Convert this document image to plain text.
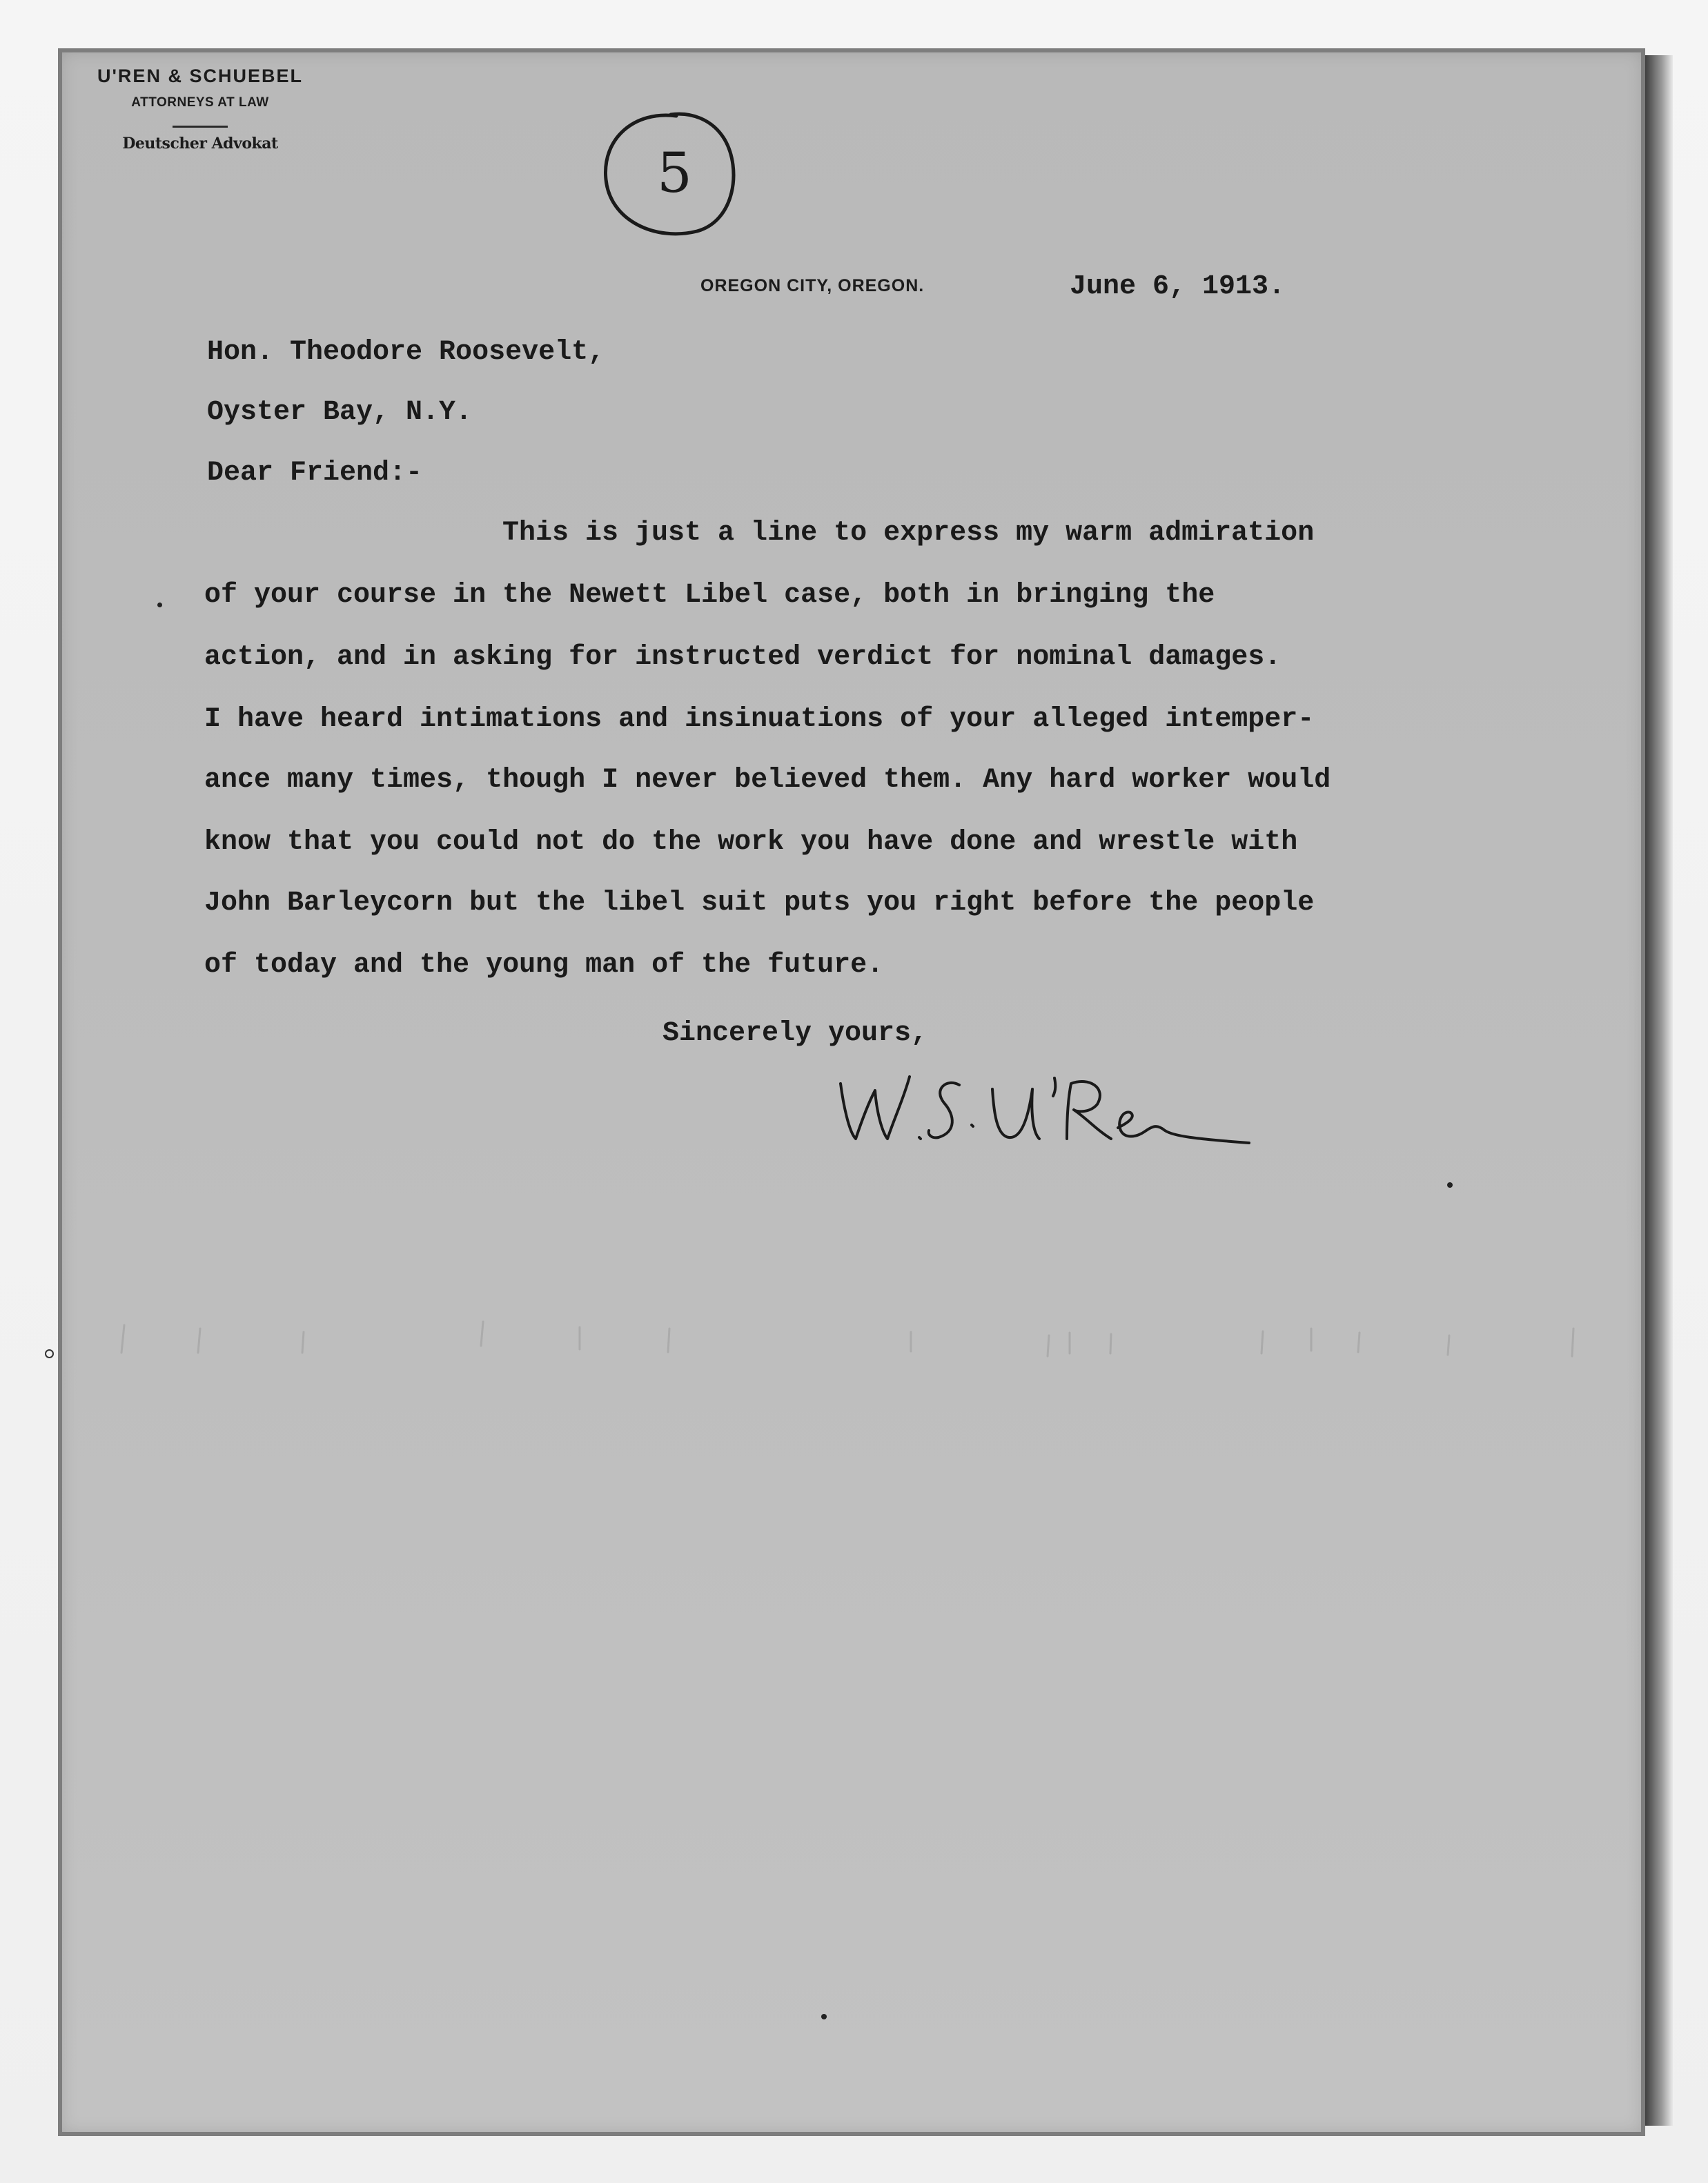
U'REN & SCHUEBEL
ATTORNEYS AT LAW
Deutscher Advokat	5
OREGON CITY, OREGON.	June 6, 1913.
Hon. Theodore Roosevelt,
Oyster Bay, N.Y.
Dear Friend:-
This is just a line to express my warm admiration
of your course in the Newett Libel case, both in bringing the
action, and in asking for instructed verdict for nominal damages.
I have heard intimations and insinuations of your alleged intemper-
ance many times, though I never believed them. Any hard worker would
know that you could not do the work you have done and wrestle with
John Barleycorn but the libel suit puts you right before the people
of today and the young man of the future.
Sincerely yours,
